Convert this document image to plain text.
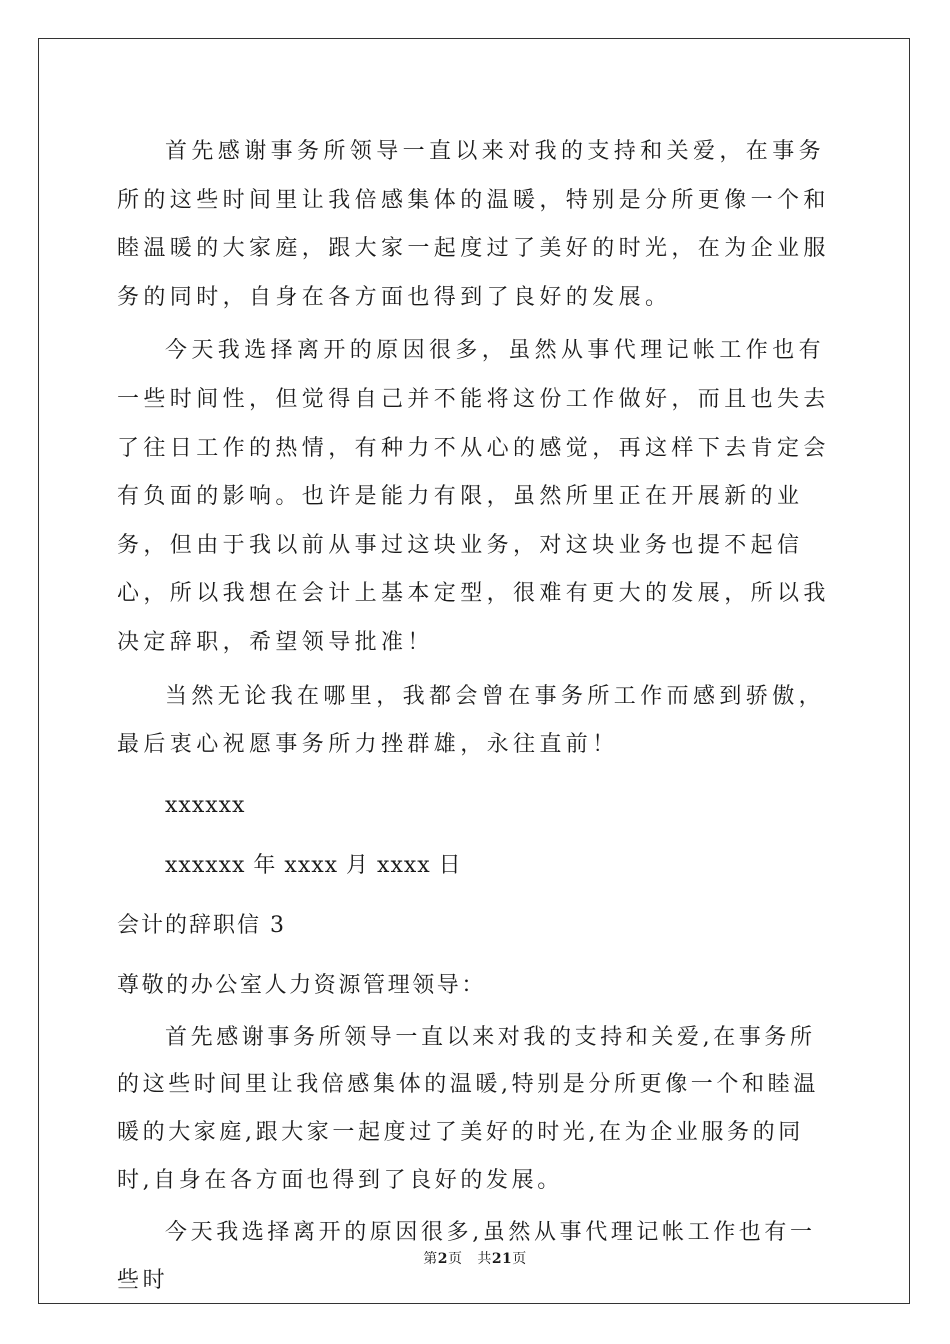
首先感谢事务所领导一直以来对我的支持和关爱，在事务所的这些时间里让我倍感集体的温暖，特别是分所更像一个和睦温暖的大家庭，跟大家一起度过了美好的时光，在为企业服务的同时，自身在各方面也得到了良好的发展。

今天我选择离开的原因很多，虽然从事代理记帐工作也有一些时间性，但觉得自己并不能将这份工作做好，而且也失去了往日工作的热情，有种力不从心的感觉，再这样下去肯定会有负面的影响。也许是能力有限，虽然所里正在开展新的业务，但由于我以前从事过这块业务，对这块业务也提不起信心，所以我想在会计上基本定型，很难有更大的发展，所以我决定辞职，希望领导批准！

当然无论我在哪里，我都会曾在事务所工作而感到骄傲，最后衷心祝愿事务所力挫群雄，永往直前！

xxxxxx

xxxxxx 年 xxxx 月 xxxx 日

会计的辞职信 3

尊敬的办公室人力资源管理领导：

首先感谢事务所领导一直以来对我的支持和关爱,在事务所的这些时间里让我倍感集体的温暖,特别是分所更像一个和睦温暖的大家庭,跟大家一起度过了美好的时光,在为企业服务的同时,自身在各方面也得到了良好的发展。

今天我选择离开的原因很多,虽然从事代理记帐工作也有一些时

第2页 共21页
